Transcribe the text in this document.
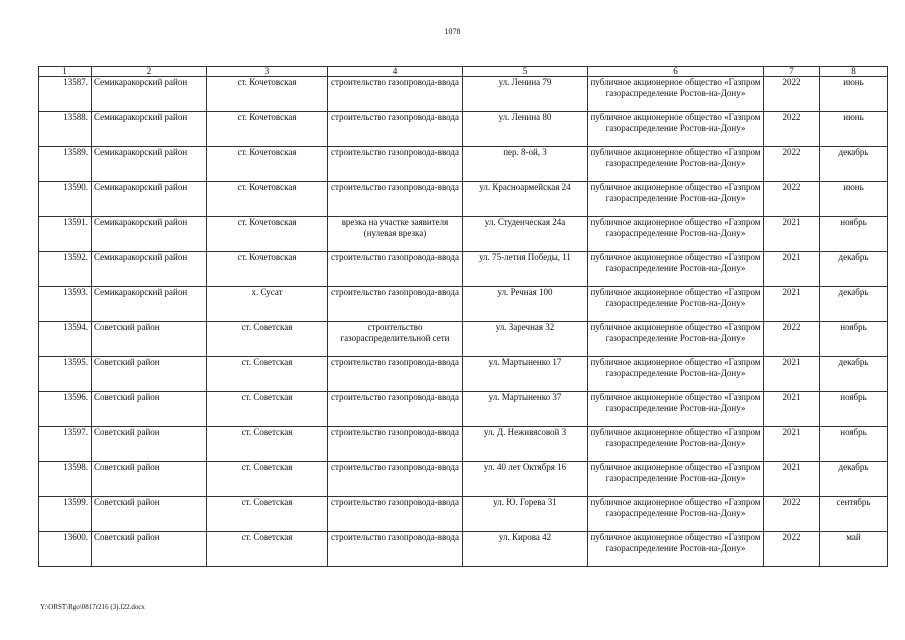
1078
1	2	3	4	5	6	7	8
13587.	Семикаракорский район	ст. Кочетовская	строительство газопровода-ввода	ул. Ленина 79	публичное акционерное общество «Газпром газораспределение Ростов-на-Дону»	2022	июнь
13588.	Семикаракорский район	ст. Кочетовская	строительство газопровода-ввода	ул. Ленина 80	публичное акционерное общество «Газпром газораспределение Ростов-на-Дону»	2022	июнь
13589.	Семикаракорский район	ст. Кочетовская	строительство газопровода-ввода	пер. 8-ой, 3	публичное акционерное общество «Газпром газораспределение Ростов-на-Дону»	2022	декабрь
13590.	Семикаракорский район	ст. Кочетовская	строительство газопровода-ввода	ул. Красноармейская 24	публичное акционерное общество «Газпром газораспределение Ростов-на-Дону»	2022	июнь
13591.	Семикаракорский район	ст. Кочетовская	врезка на участке заявителя (нулевая врезка)	ул. Студенческая 24а	публичное акционерное общество «Газпром газораспределение Ростов-на-Дону»	2021	ноябрь
13592.	Семикаракорский район	ст. Кочетовская	строительство газопровода-ввода	ул. 75-летия Победы, 11	публичное акционерное общество «Газпром газораспределение Ростов-на-Дону»	2021	декабрь
13593.	Семикаракорский район	х. Сусат	строительство газопровода-ввода	ул. Речная 100	публичное акционерное общество «Газпром газораспределение Ростов-на-Дону»	2021	декабрь
13594.	Советский район	ст. Советская	строительство газораспределительной сети	ул. Заречная 32	публичное акционерное общество «Газпром газораспределение Ростов-на-Дону»	2022	ноябрь
13595.	Советский район	ст. Советская	строительство газопровода-ввода	ул. Мартыненко 17	публичное акционерное общество «Газпром газораспределение Ростов-на-Дону»	2021	декабрь
13596.	Советский район	ст. Советская	строительство газопровода-ввода	ул. Мартыненко 37	публичное акционерное общество «Газпром газораспределение Ростов-на-Дону»	2021	ноябрь
13597.	Советский район	ст. Советская	строительство газопровода-ввода	ул. Д. Неживясовой 3	публичное акционерное общество «Газпром газораспределение Ростов-на-Дону»	2021	ноябрь
13598.	Советский район	ст. Советская	строительство газопровода-ввода	ул. 40 лет Октября 16	публичное акционерное общество «Газпром газораспределение Ростов-на-Дону»	2021	декабрь
13599.	Советский район	ст. Советская	строительство газопровода-ввода	ул. Ю. Горева 31	публичное акционерное общество «Газпром газораспределение Ростов-на-Дону»	2022	сентябрь
13600.	Советский район	ст. Советская	строительство газопровода-ввода	ул. Кирова 42	публичное акционерное общество «Газпром газораспределение Ростов-на-Дону»	2022	май
Y:\ORST\Rgo\0817r216 (3).f22.docx
